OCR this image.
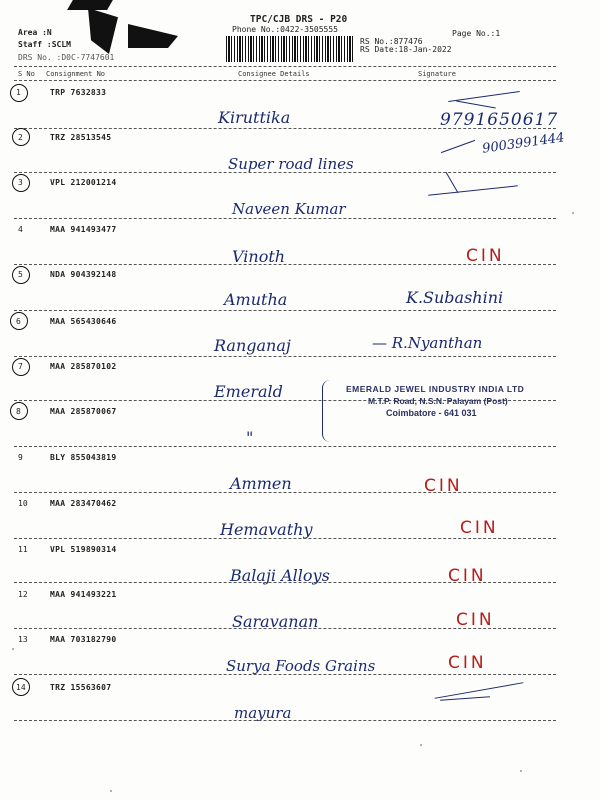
Area :N
Staff :SCLM
DRS No. :D0C-7747601
TPC/CJB DRS - P20
Phone No.:0422-3505555	Page No.:1
RS No.:877476
RS Date:18-Jan-2022
S No Consignment No	Consignee Details	Signature
1	TRP 7632833
Kiruttika	9791650617
2	TRZ 28513545
Super road lines
9003991444
3	VPL 212001214
Naveen Kumar
4	MAA 941493477
Vinoth	CIN
5	NDA 904392148
Amutha	K.Subashini
6	MAA 565430646
Ranganaj	— R.Nyanthan
7	MAA 285870102
Emerald
8	MAA 285870067
"
EMERALD JEWEL INDUSTRY INDIA LTD
M.T.P. Road, N.S.N. Palayam (Post)
Coimbatore - 641 031
9	BLY 855043819
Ammen	CIN
10	MAA 283470462
Hemavathy	CIN
11	VPL 519890314
Balaji Alloys	CIN
12	MAA 941493221
Saravanan	CIN
13	MAA 703182790
Surya Foods Grains	CIN
14	TRZ 15563607
mayura
